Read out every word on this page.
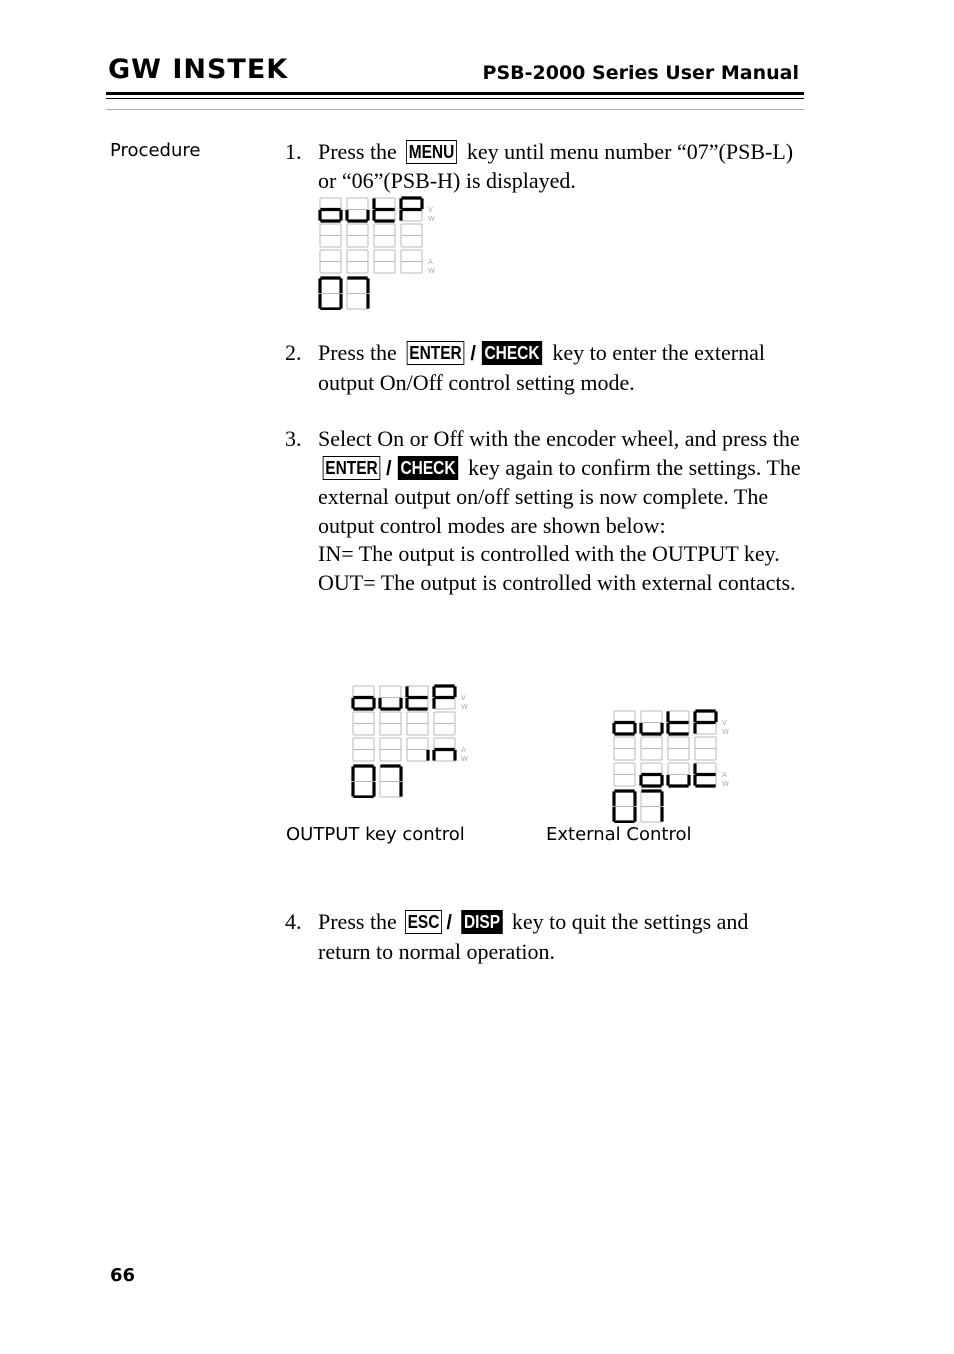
GW INSTEK	PSB-2000 Series User Manual
Procedure	1. Press the MENU key until menu number “07”(PSB-L) or “06”(PSB-H) is displayed.
V
W
A
W
2. Press the ENTER / CHECK key to enter the external output On/Off control setting mode.
3. Select On or Off with the encoder wheel, and press the ENTER / CHECK key again to confirm the settings. The external output on/off setting is now complete. The output control modes are shown below:
IN= The output is controlled with the OUTPUT key.
OUT= The output is controlled with external contacts.
V
W
A
W
V
W
A
W
OUTPUT key control	External Control
4. Press the ESC / DISP key to quit the settings and return to normal operation.
66
